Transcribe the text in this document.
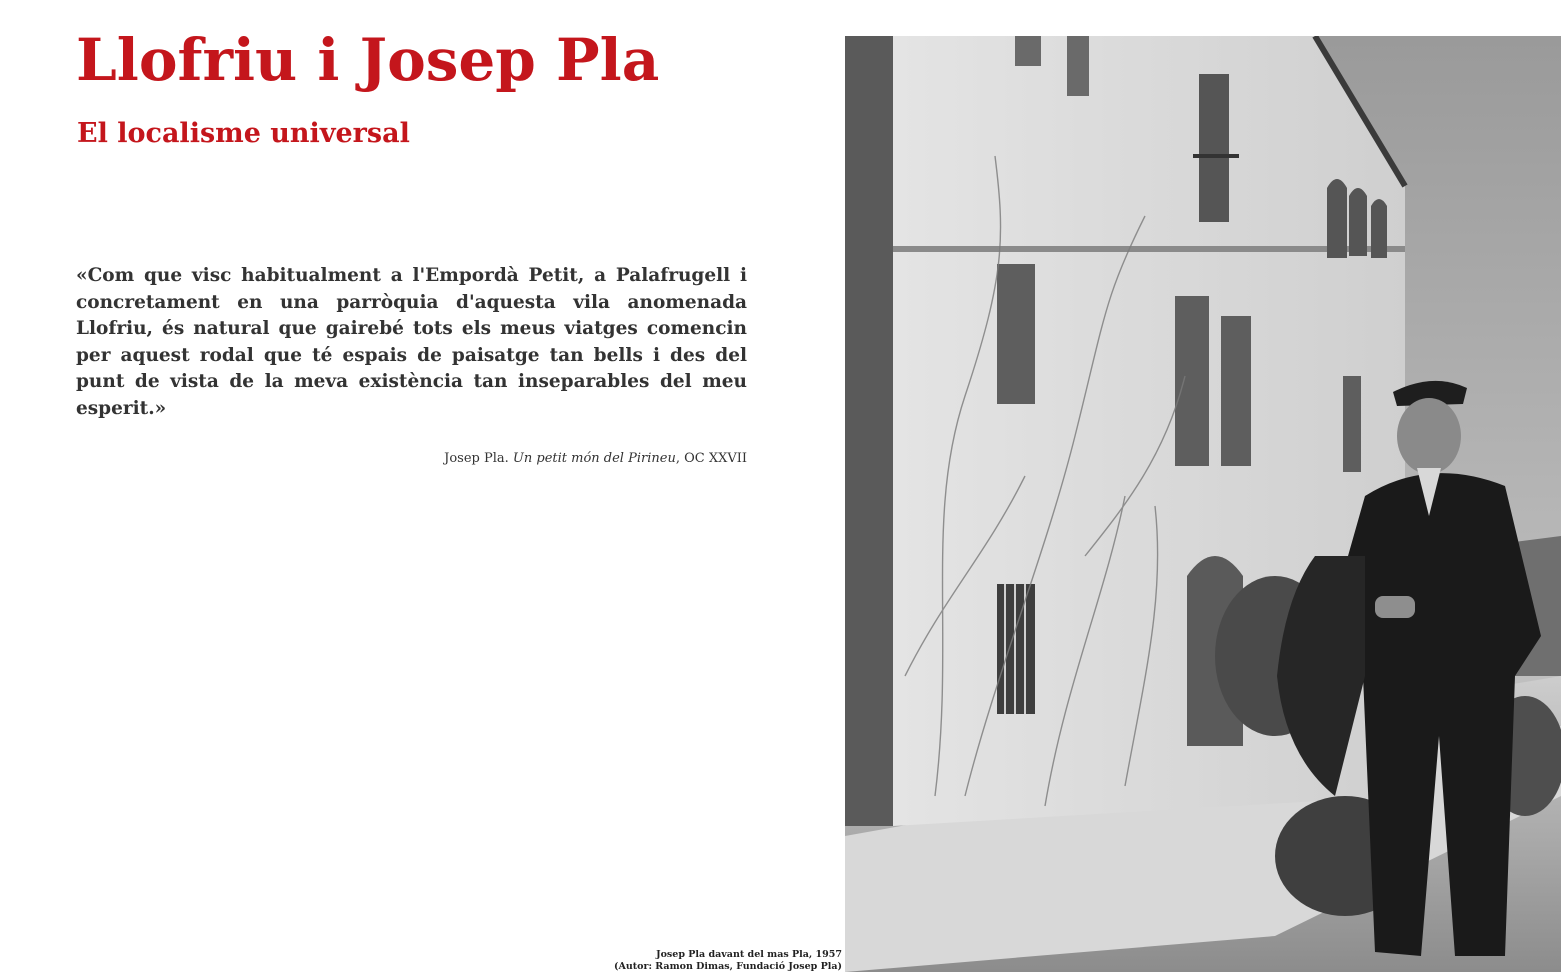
Llofriu i Josep Pla
El localisme universal

«Com que visc habitualment a l'Empordà Petit, a Palafrugell i concretament en una parròquia d'aquesta vila anomenada Llofriu, és natural que gairebé tots els meus viatges comencin per aquest rodal que té espais de paisatge tan bells i des del punt de vista de la meva existència tan inseparables del meu esperit.»

Josep Pla. Un petit món del Pirineu, OC XXVII

Josep Pla davant del mas Pla, 1957
(Autor: Ramon Dimas, Fundació Josep Pla)
